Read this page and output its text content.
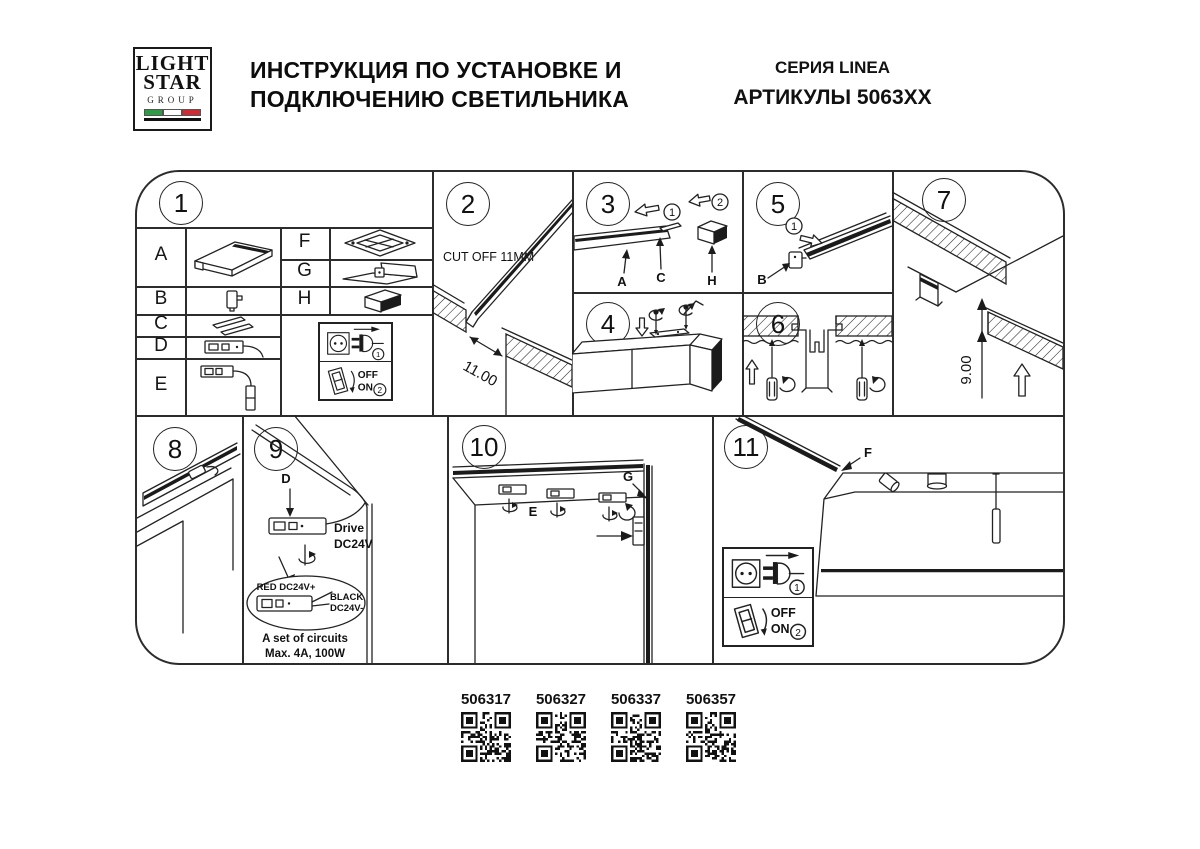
LIGHT
STAR
GROUP
ИНСТРУКЦИЯ ПО УСТАНОВКЕ И
ПОДКЛЮЧЕНИЮ СВЕТИЛЬНИКА
СЕРИЯ LINEA
АРТИКУЛЫ 5063XX
1	2	3
4
5	7
8	9	10	11
A
B
C
D
E
F
G
H
1
OFF
ON 2
CUT OFF 11MM
11.00
1
2
A C	H	B
1
9.00
D
Drive
DC24V
RED DC24V+
BLACK
DC24V-
A set of circuits
Max. 4A, 100W
E
G
F
1
OFF
ON 2
506317 506327 506337 506357
